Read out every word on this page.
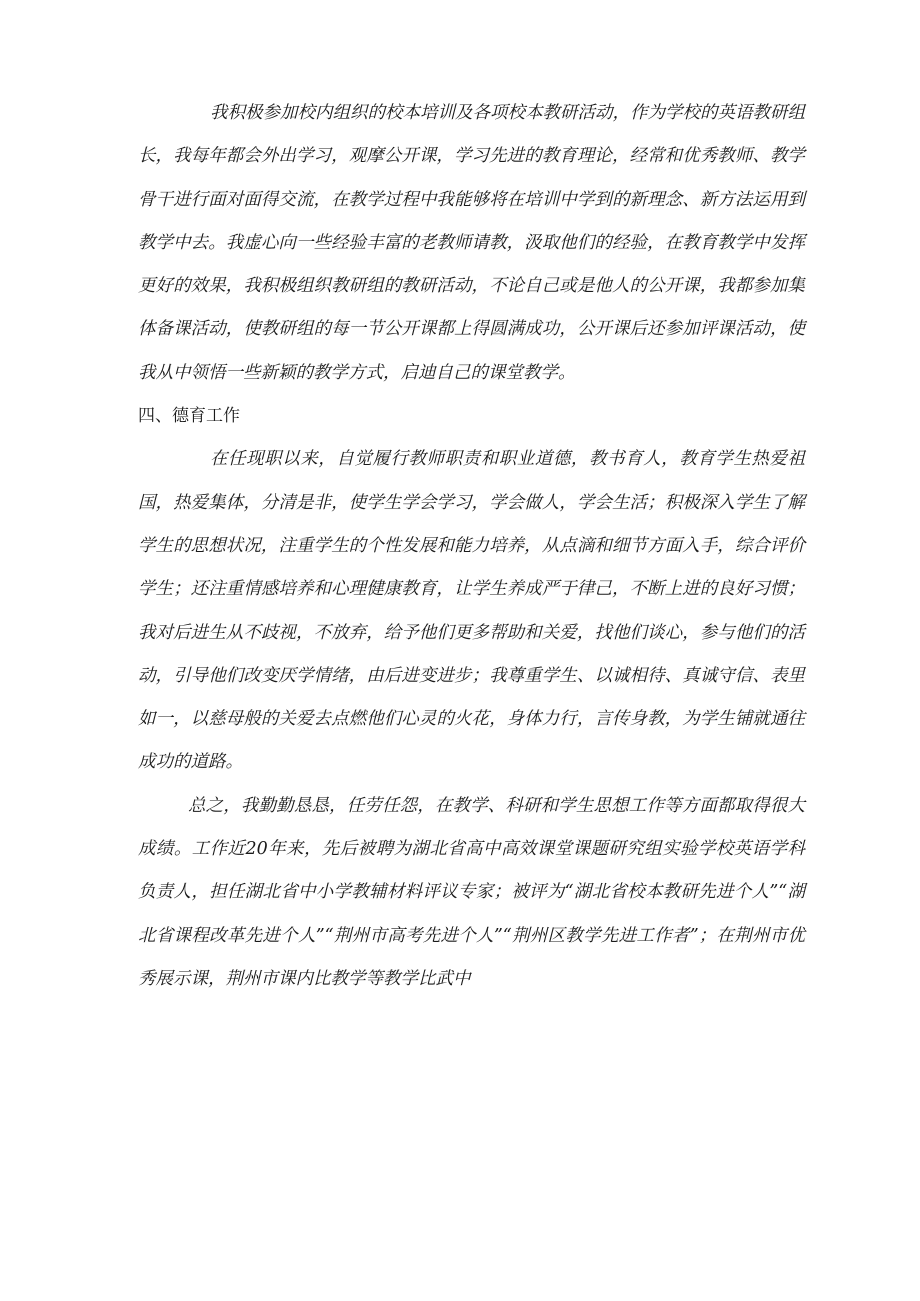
我积极参加校内组织的校本培训及各项校本教研活动，作为学校的英语教研组长，我每年都会外出学习，观摩公开课，学习先进的教育理论，经常和优秀教师、教学骨干进行面对面得交流，在教学过程中我能够将在培训中学到的新理念、新方法运用到教学中去。我虚心向一些经验丰富的老教师请教，汲取他们的经验，在教育教学中发挥更好的效果，我积极组织教研组的教研活动，不论自己或是他人的公开课，我都参加集体备课活动，使教研组的每一节公开课都上得圆满成功，公开课后还参加评课活动，使我从中领悟一些新颖的教学方式，启迪自己的课堂教学。

四、德育工作

在任现职以来，自觉履行教师职责和职业道德，教书育人，教育学生热爱祖国，热爱集体，分清是非，使学生学会学习，学会做人，学会生活；积极深入学生了解学生的思想状况，注重学生的个性发展和能力培养，从点滴和细节方面入手，综合评价学生；还注重情感培养和心理健康教育，让学生养成严于律己，不断上进的良好习惯；我对后进生从不歧视，不放弃，给予他们更多帮助和关爱，找他们谈心，参与他们的活动，引导他们改变厌学情绪，由后进变进步；我尊重学生、以诚相待、真诚守信、表里如一，以慈母般的关爱去点燃他们心灵的火花，身体力行，言传身教，为学生铺就通往成功的道路。

总之，我勤勤恳恳，任劳任怨，在教学、科研和学生思想工作等方面都取得很大成绩。工作近20年来，先后被聘为湖北省高中高效课堂课题研究组实验学校英语学科负责人，担任湖北省中小学教辅材料评议专家；被评为“湖北省校本教研先进个人”“湖北省课程改革先进个人”“荆州市高考先进个人”“荆州区教学先进工作者”；在荆州市优秀展示课，荆州市课内比教学等教学比武中
